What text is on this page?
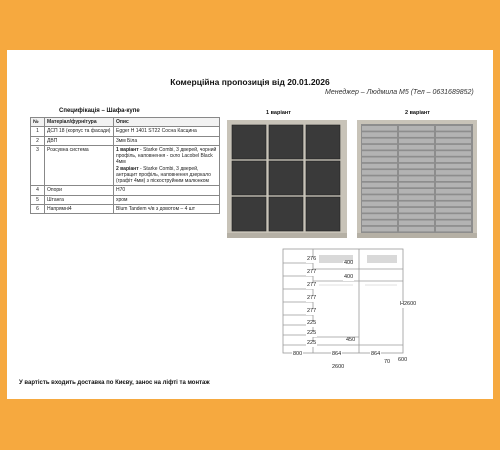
Комерційна пропозиція від 20.01.2026
Менеджер – Людмила М5 (Тел – 0631689852)
Специфікація – Шафа-купе
№	Матеріал/фурнітура	Опис
1	ДСП 18 (корпус та фасади)	Egger H 1401 ST22 Сосна Касцина
2	ДВП	3мм Біла
3	Розсувна система	1 варіант - Starke Combi, 3 дверей, чорний профіль, наповнення - скло Lacobel Black 4мм
2 варіант - Starke Combi, 3 дверей, антрацит профіль, наповнення дзеркало (графіт 4мм) з піскоструйним малюнком
4	Опори	Н70
5	Штанга	хром
6	Напрямні4	Blum Tandem ч/в з довотом – 4 шт
1 варіант	2 варіант
276
277
277
277
277
225
225
225
400
400
450
800	864	864
H2600
2600
70 600
У вартість входить доставка по Києву, занос на ліфті та монтаж
